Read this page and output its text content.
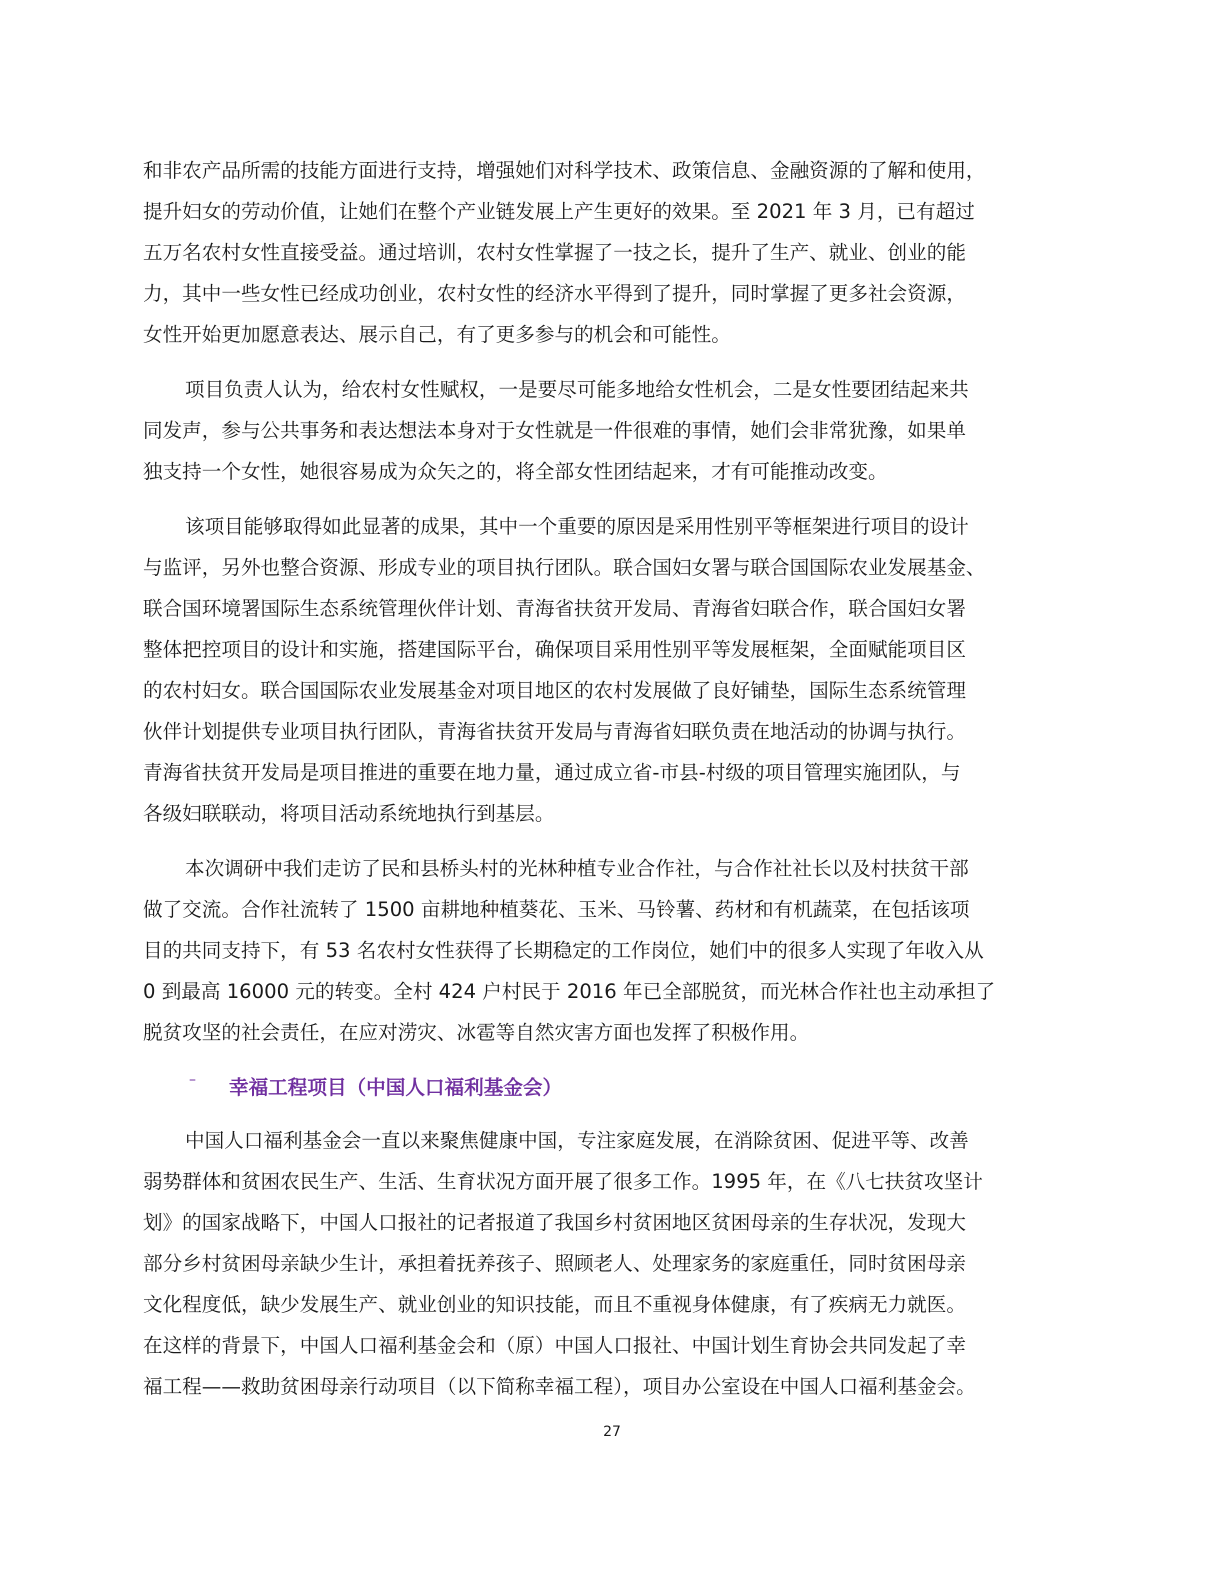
和非农产品所需的技能方面进行支持，增强她们对科学技术、政策信息、金融资源的了解和使用，
提升妇女的劳动价值，让她们在整个产业链发展上产生更好的效果。至 2021 年 3 月，已有超过
五万名农村女性直接受益。通过培训，农村女性掌握了一技之长，提升了生产、就业、创业的能
力，其中一些女性已经成功创业，农村女性的经济水平得到了提升，同时掌握了更多社会资源，
女性开始更加愿意表达、展示自己，有了更多参与的机会和可能性。

项目负责人认为，给农村女性赋权，一是要尽可能多地给女性机会，二是女性要团结起来共
同发声，参与公共事务和表达想法本身对于女性就是一件很难的事情，她们会非常犹豫，如果单
独支持一个女性，她很容易成为众矢之的，将全部女性团结起来，才有可能推动改变。

该项目能够取得如此显著的成果，其中一个重要的原因是采用性别平等框架进行项目的设计
与监评，另外也整合资源、形成专业的项目执行团队。联合国妇女署与联合国国际农业发展基金、
联合国环境署国际生态系统管理伙伴计划、青海省扶贫开发局、青海省妇联合作，联合国妇女署
整体把控项目的设计和实施，搭建国际平台，确保项目采用性别平等发展框架，全面赋能项目区
的农村妇女。联合国国际农业发展基金对项目地区的农村发展做了良好铺垫，国际生态系统管理
伙伴计划提供专业项目执行团队，青海省扶贫开发局与青海省妇联负责在地活动的协调与执行。
青海省扶贫开发局是项目推进的重要在地力量，通过成立省-市县-村级的项目管理实施团队，与
各级妇联联动，将项目活动系统地执行到基层。

本次调研中我们走访了民和县桥头村的光林种植专业合作社，与合作社社长以及村扶贫干部
做了交流。合作社流转了 1500 亩耕地种植葵花、玉米、马铃薯、药材和有机蔬菜，在包括该项
目的共同支持下，有 53 名农村女性获得了长期稳定的工作岗位，她们中的很多人实现了年收入从
0 到最高 16000 元的转变。全村 424 户村民于 2016 年已全部脱贫，而光林合作社也主动承担了
脱贫攻坚的社会责任，在应对涝灾、冰雹等自然灾害方面也发挥了积极作用。

– 幸福工程项目（中国人口福利基金会）

中国人口福利基金会一直以来聚焦健康中国，专注家庭发展，在消除贫困、促进平等、改善
弱势群体和贫困农民生产、生活、生育状况方面开展了很多工作。1995 年，在《八七扶贫攻坚计
划》的国家战略下，中国人口报社的记者报道了我国乡村贫困地区贫困母亲的生存状况，发现大
部分乡村贫困母亲缺少生计，承担着抚养孩子、照顾老人、处理家务的家庭重任，同时贫困母亲
文化程度低，缺少发展生产、就业创业的知识技能，而且不重视身体健康，有了疾病无力就医。
在这样的背景下，中国人口福利基金会和（原）中国人口报社、中国计划生育协会共同发起了幸
福工程——救助贫困母亲行动项目（以下简称幸福工程），项目办公室设在中国人口福利基金会。

27
